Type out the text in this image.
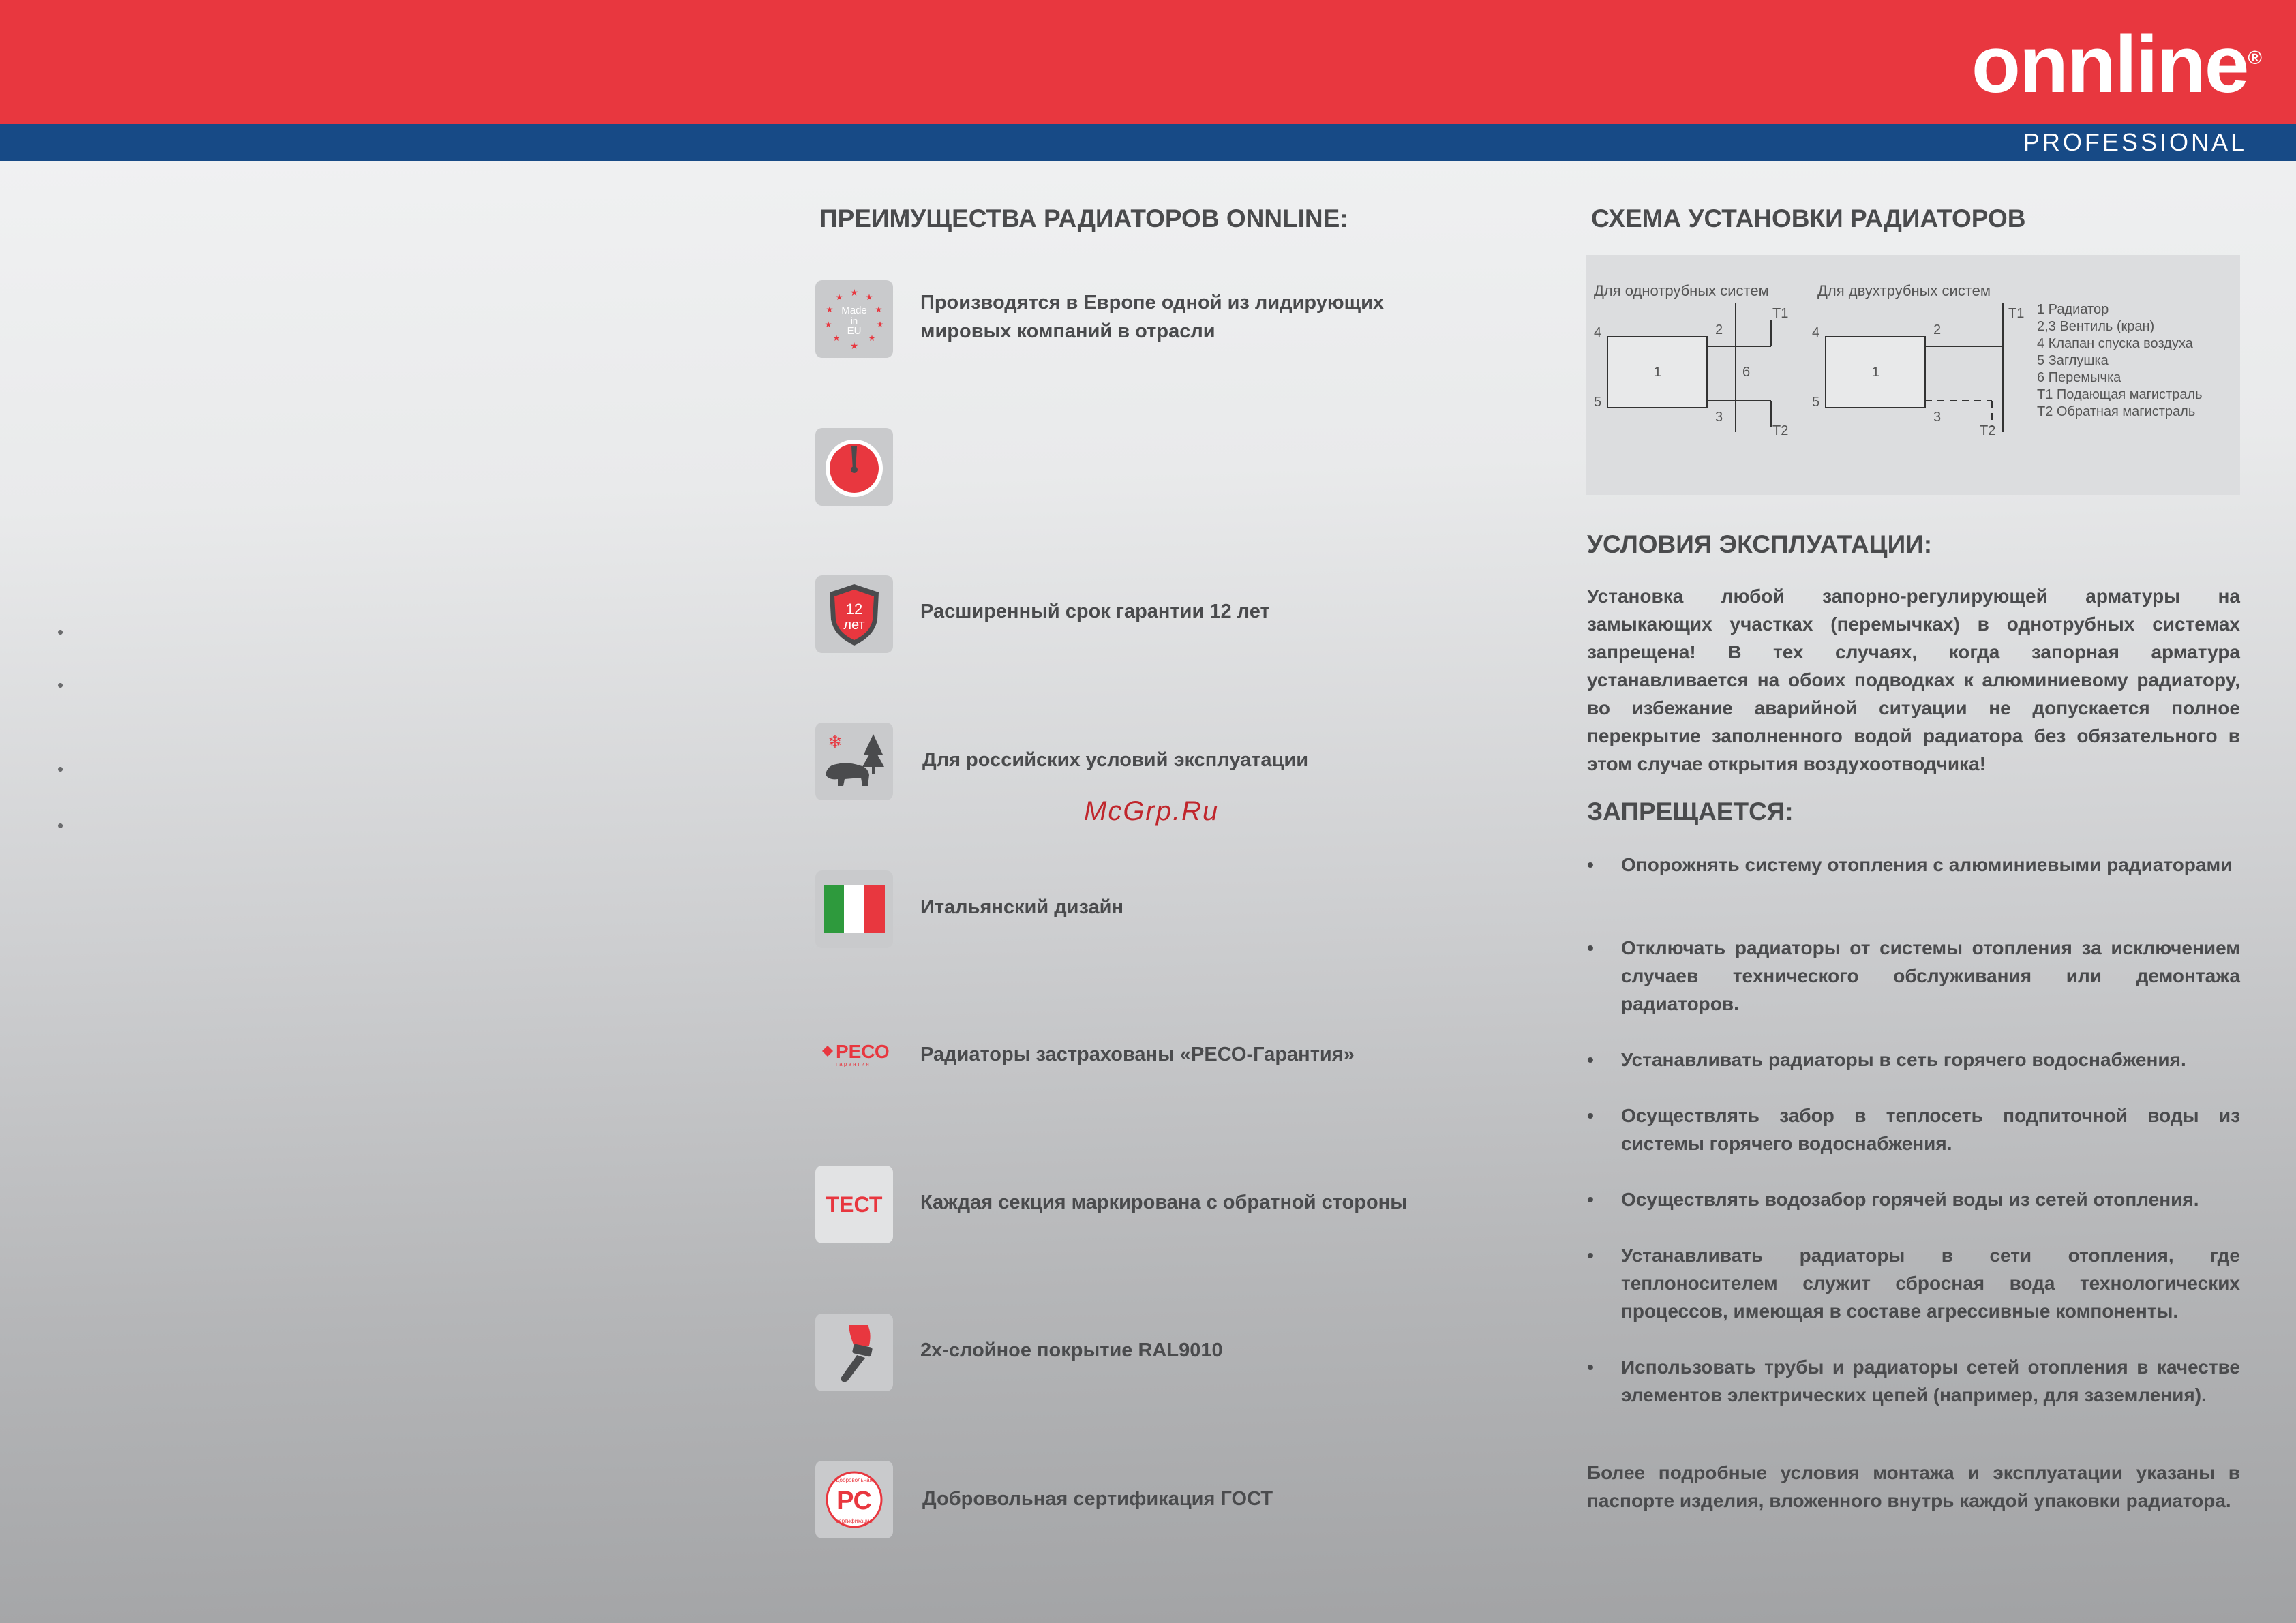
onnline®
PROFESSIONAL
•
•
•
•
ПРЕИМУЩЕСТВА РАДИАТОРОВ ONNLINE:
★ ★
★
★
★
★
★
★
★
★
Made
in
EU
Производятся в Европе одной из лидирующих мировых компаний в отрасли
12
лет
Расширенный срок гарантии 12 лет
❄
Для российских условий эксплуатации
McGrp.Ru
Итальянский дизайн
РЕСО
г а р а н т и я	Радиаторы застрахованы «РЕСО-Гарантия»
ТЕСТ Каждая секция маркирована с обратной стороны
2х-слойное покрытие RAL9010
РС
Добровольная
сертификация
Добровольная сертификация ГОСТ
СХЕМА УСТАНОВКИ РАДИАТОРОВ
Для однотрубных систем	Для двухтрубных систем
1
4
5
2
3
6
Т1
Т2
1
4
5
2
3
Т1
Т2
1 Радиатор
2,3 Вентиль (кран)
4 Клапан спуска воздуха
5 Заглушка
6 Перемычка
Т1 Подающая магистраль
Т2 Обратная магистраль
УСЛОВИЯ ЭКСПЛУАТАЦИИ:
Установка любой запорно-регулирующей арматуры на замыкающих участках (перемычках) в однотрубных системах запрещена! В тех случаях, когда запорная арматура устанавливается на обоих подводках к алюминиевому радиатору, во избежание аварийной ситуации не допускается полное перекрытие заполненного водой радиатора без обязательного в этом случае открытия воздухоотводчика!
ЗАПРЕЩАЕТСЯ:
• Опорожнять систему отопления с алюминиевыми радиаторами
• Отключать радиаторы от системы отопления за исключением случаев технического обслуживания или демонтажа радиаторов.
• Устанавливать радиаторы в сеть горячего водоснабжения.
• Осуществлять забор в теплосеть подпиточной воды из системы горячего водоснабжения.
• Осуществлять водозабор горячей воды из сетей отопления.
• Устанавливать радиаторы в сети отопления, где теплоносителем служит сбросная вода технологических процессов, имеющая в составе агрессивные компоненты.
• Использовать трубы и радиаторы сетей отопления в качестве элементов электрических цепей (например, для заземления).
Более подробные условия монтажа и эксплуатации указаны в паспорте изделия, вложенного внутрь каждой упаковки радиатора.
